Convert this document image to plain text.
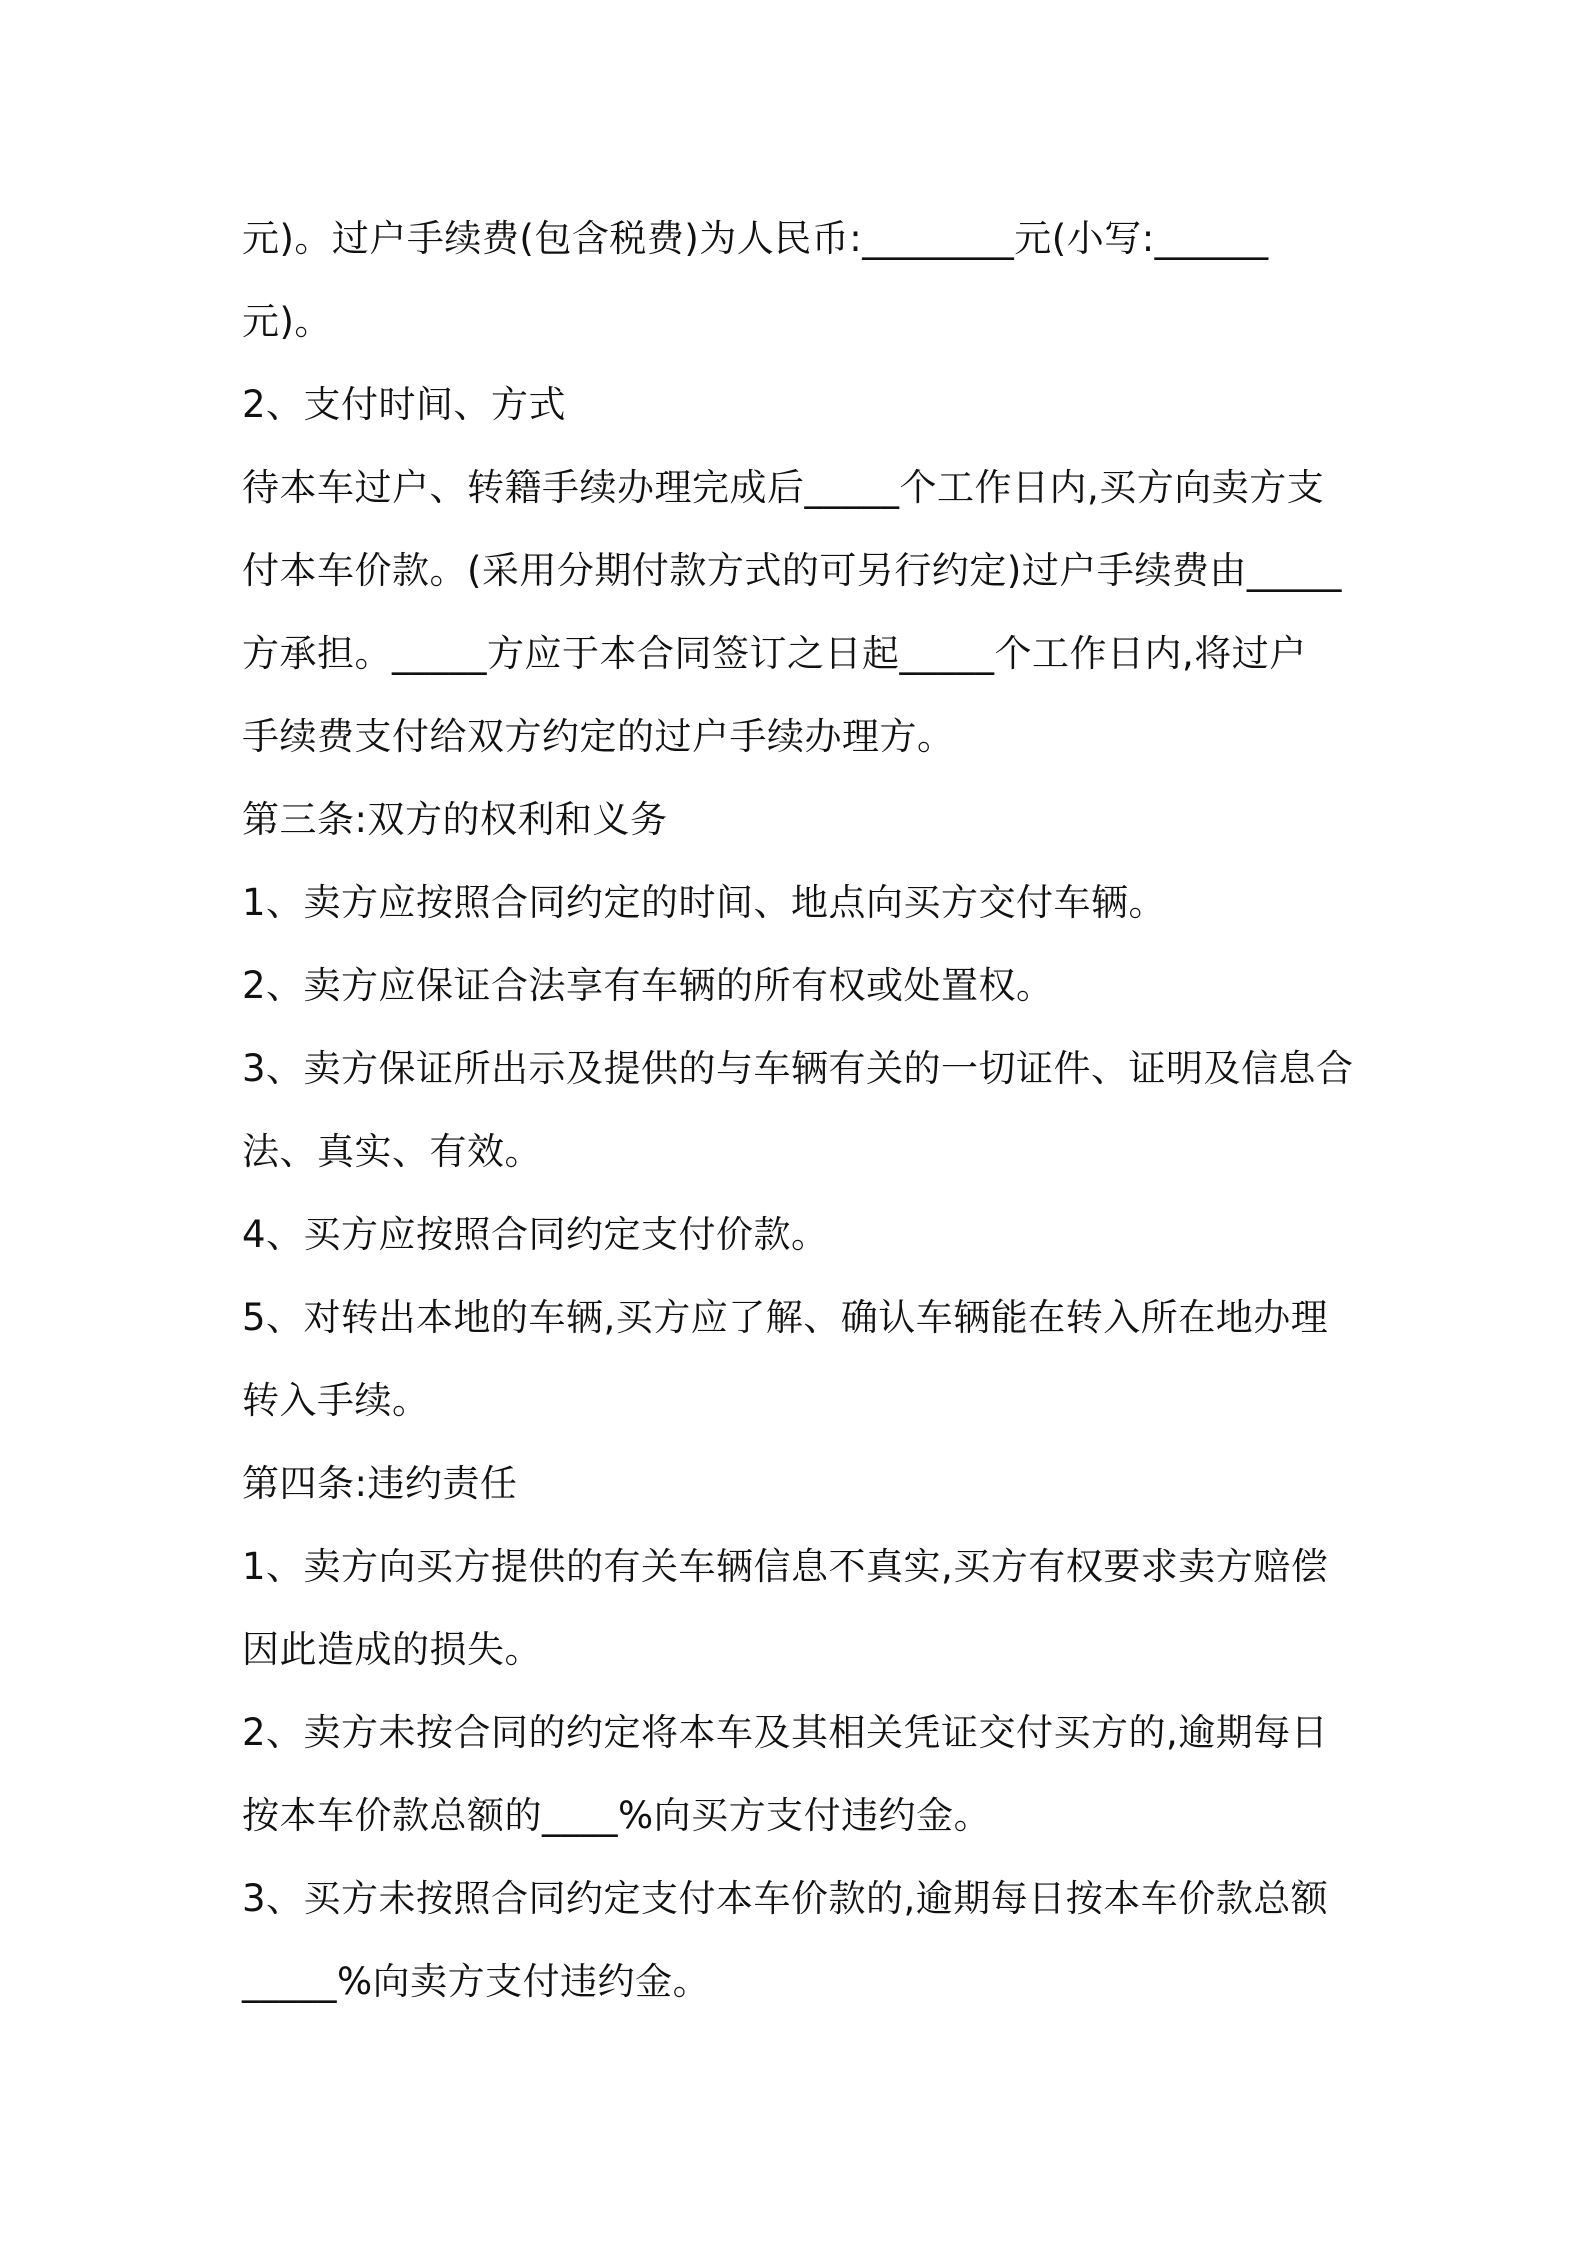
元)。过户手续费(包含税费)为人民币:________元(小写:______
元)。
2、支付时间、方式
待本车过户、转籍手续办理完成后_____个工作日内,买方向卖方支
付本车价款。(采用分期付款方式的可另行约定)过户手续费由_____
方承担。_____方应于本合同签订之日起_____个工作日内,将过户
手续费支付给双方约定的过户手续办理方。
第三条:双方的权利和义务
1、卖方应按照合同约定的时间、地点向买方交付车辆。
2、卖方应保证合法享有车辆的所有权或处置权。
3、卖方保证所出示及提供的与车辆有关的一切证件、证明及信息合
法、真实、有效。
4、买方应按照合同约定支付价款。
5、对转出本地的车辆,买方应了解、确认车辆能在转入所在地办理
转入手续。
第四条:违约责任
1、卖方向买方提供的有关车辆信息不真实,买方有权要求卖方赔偿
因此造成的损失。
2、卖方未按合同的约定将本车及其相关凭证交付买方的,逾期每日
按本车价款总额的____%向买方支付违约金。
3、买方未按照合同约定支付本车价款的,逾期每日按本车价款总额
_____%向卖方支付违约金。
